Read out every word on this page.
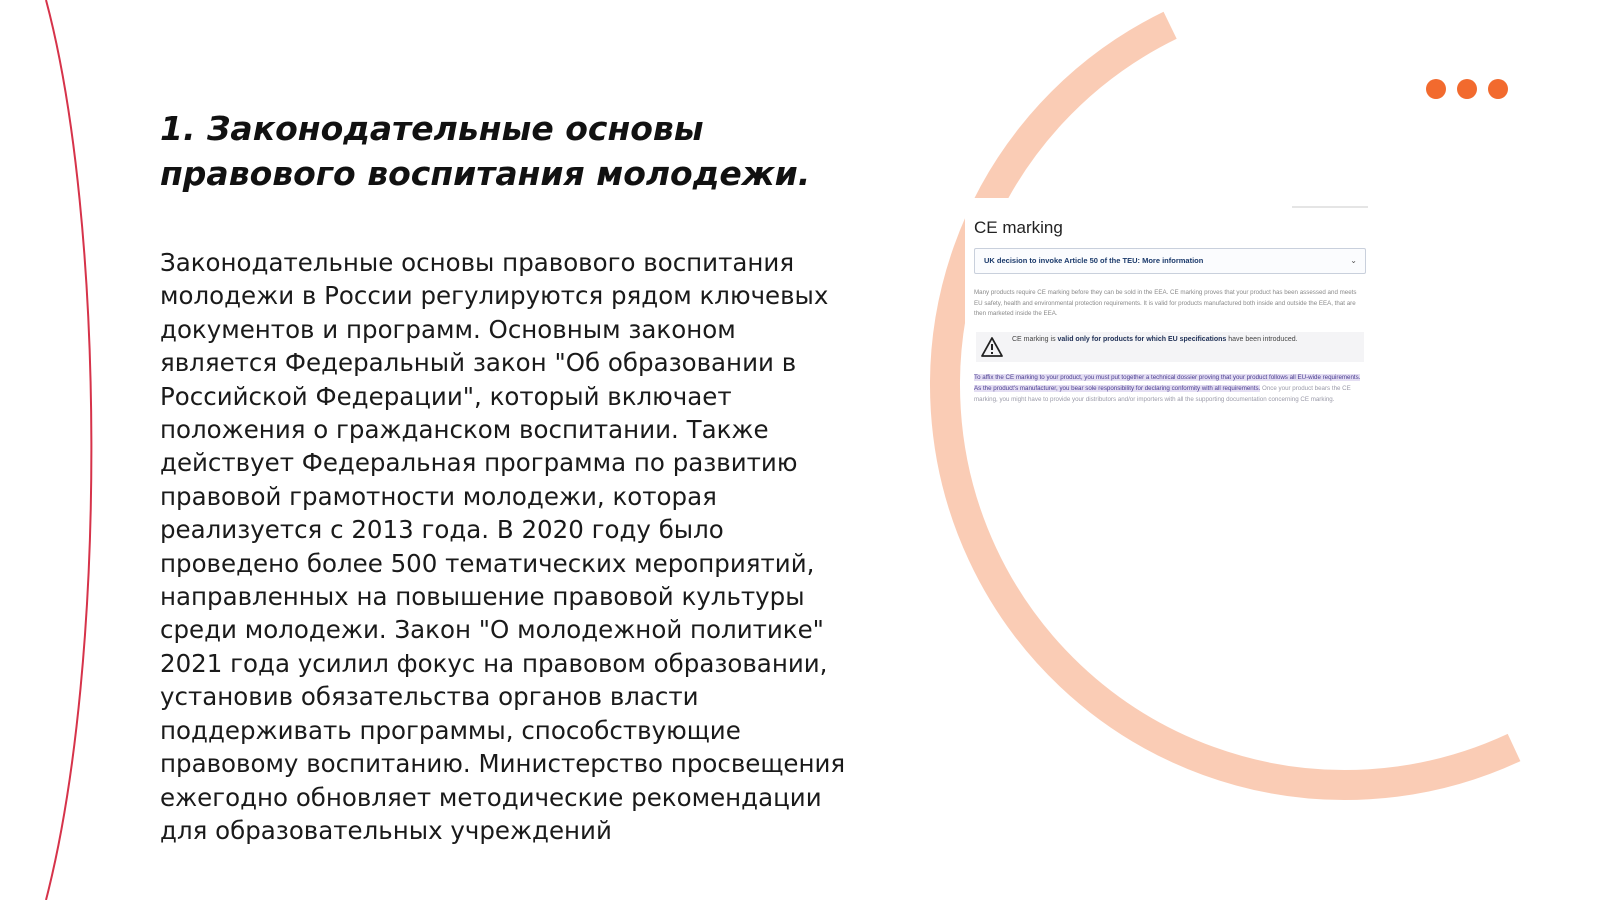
1. Законодательные основы правового воспитания молодежи.

Законодательные основы правового воспитания молодежи в России регулируются рядом ключевых документов и программ. Основным законом является Федеральный закон "Об образовании в Российской Федерации", который включает положения о гражданском воспитании. Также действует Федеральная программа по развитию правовой грамотности молодежи, которая реализуется с 2013 года. В 2020 году было проведено более 500 тематических мероприятий, направленных на повышение правовой культуры среди молодежи. Закон "О молодежной политике" 2021 года усилил фокус на правовом образовании, установив обязательства органов власти поддерживать программы, способствующие правовому воспитанию. Министерство просвещения ежегодно обновляет методические рекомендации для образовательных учреждений

CE marking
UK decision to invoke Article 50 of the TEU: More information	⌄
Many products require CE marking before they can be sold in the EEA. CE marking proves that your product has been assessed and meets EU safety, health and environmental protection requirements. It is valid for products manufactured both inside and outside the EEA, that are then marketed inside the EEA.
CE marking is valid only for products for which EU specifications have been introduced.
To affix the CE marking to your product, you must put together a technical dossier proving that your product follows all EU-wide requirements. As the product's manufacturer, you bear sole responsibility for declaring conformity with all requirements. Once your product bears the CE marking, you might have to provide your distributors and/or importers with all the supporting documentation concerning CE marking.
